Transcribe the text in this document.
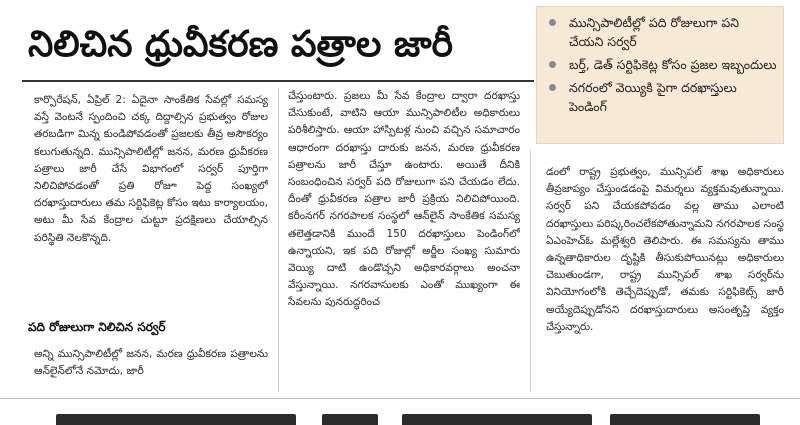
నిలిచిన ధ్రువీకరణ పత్రాల జారీ
మున్సిపాలిటీల్లో పది రోజులుగా పని చేయని సర్వర్
బర్త్, డెత్ సర్టిఫికెట్ల కోసం ప్రజల ఇబ్బందులు
నగరంలో వెయ్యికి పైగా దరఖాస్తులు పెండింగ్

కార్పొరేషన్, ఏప్రిల్ 2: ఏదైనా సాంకేతిక సేవల్లో సమస్య వస్తే వెంటనే స్పందించి చక్క దిద్దాల్సిన ప్రభుత్వం రోజుల తరబడిగా మిన్న కుండిపోవడంతో ప్రజలకు తీవ్ర అసౌకర్యం కలుగుతున్నది. మున్సిపాలిటీల్లో జనన, మరణ ధ్రువీకరణ పత్రాలు జారీ చేసే విభాగంలో సర్వర్ పూర్తిగా నిలిచిపోవడంతో ప్రతి రోజూ పెద్ద సంఖ్యలో దరఖాస్తుదారులు తమ సర్టిఫికెట్ల కోసం ఇటు కార్యాలయం, అటు మీ సేవ కేంద్రాల చుట్టూ ప్రదక్షిణలు చేయాల్సిన పరిస్థితి నెలకొన్నది.

పది రోజులుగా నిలిచిన సర్వర్

అన్ని మున్సిపాలిటీల్లో జనన, మరణ ధ్రువీకరణ పత్రాలను ఆన్‌లైన్‌లోనే నమోదు, జారీ

చేస్తుంటారు. ప్రజలు మీ సేవ కేంద్రాల ద్వారా దరఖాస్తు చేసుకుంటే, వాటిని ఆయా మున్సిపాలిటీల అధికారులు పరిశీలిస్తారు. ఆయా హాస్పిటళ్ల నుంచి వచ్చిన సమాచారం ఆధారంగా దరఖాస్తు దారుకు జనన, మరణ ధ్రువీకరణ పత్రాలను జారీ చేస్తూ ఉంటారు. అయితే దీనికి సంబంధించిన సర్వర్ పది రోజులుగా పని చేయడం లేదు. దీంతో ధ్రువీకరణ పత్రాల జారీ ప్రక్రియ నిలిచిపోయింది. కరీంనగర్ నగరపాలక సంస్థలో ఆన్‌లైన్ సాంకేతిక సమస్య తలెత్తడానికి ముందే 150 దరఖాస్తులు పెండింగ్‌లో ఉన్నాయని, ఇక పది రోజుల్లో అర్జీల సంఖ్య సుమారు వెయ్యి దాటి ఉండొచ్చని అధికారవర్గాలు అంచనా వేస్తున్నాయి. నగరవాసులకు ఎంతో ముఖ్యంగా ఈ సేవలను పునరుద్ధరించ

డంలో రాష్ట్ర ప్రభుత్వం, మున్సిపల్ శాఖ అధికారులు తీవ్రజాప్యం చేస్తుండడంపై విమర్శలు వ్యక్తమవుతున్నాయి. సర్వర్ పని చేయకపోవడం వల్ల తాము ఎలాంటి దరఖాస్తులు పరిష్కరించలేకపోతున్నామని నగరపాలక సంస్థ ఏఎంహెచ్‌ఓ మల్లేశ్వరి తెలిపారు. ఈ సమస్యను తాము ఉన్నతాధికారుల దృష్టికి తీసుకుపోయినట్లు అధికారులు చెబుతుండగా, రాష్ట్ర మున్సిపల్ శాఖ సర్వర్‌ను వినియోగంలోకి తెచ్చేదెప్పుడో, తమకు సర్టిఫికెట్స్ జారీ అయ్యేదెప్పుడోనని దరఖాస్తుదారులు అసంతృప్తి వ్యక్తం చేస్తున్నారు.
